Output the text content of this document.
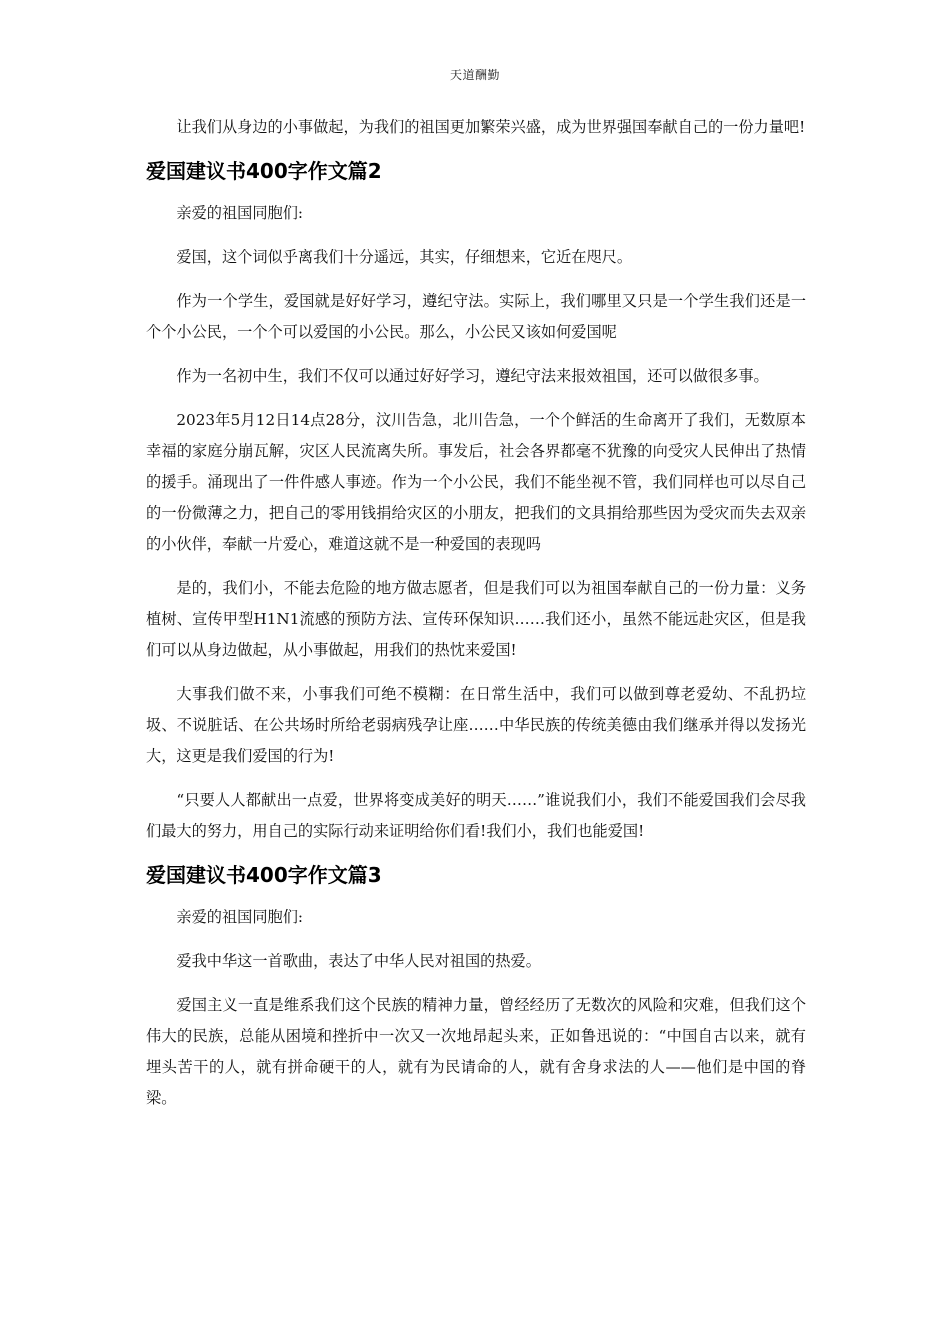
天道酬勤

让我们从身边的小事做起，为我们的祖国更加繁荣兴盛，成为世界强国奉献自己的一份力量吧!

爱国建议书400字作文篇2

亲爱的祖国同胞们:

爱国，这个词似乎离我们十分遥远，其实，仔细想来，它近在咫尺。

作为一个学生，爱国就是好好学习，遵纪守法。实际上，我们哪里又只是一个学生我们还是一个个小公民，一个个可以爱国的小公民。那么，小公民又该如何爱国呢

作为一名初中生，我们不仅可以通过好好学习，遵纪守法来报效祖国，还可以做很多事。

2023年5月12日14点28分，汶川告急，北川告急，一个个鲜活的生命离开了我们，无数原本幸福的家庭分崩瓦解，灾区人民流离失所。事发后，社会各界都毫不犹豫的向受灾人民伸出了热情的援手。涌现出了一件件感人事迹。作为一个小公民，我们不能坐视不管，我们同样也可以尽自己的一份微薄之力，把自己的零用钱捐给灾区的小朋友，把我们的文具捐给那些因为受灾而失去双亲的小伙伴，奉献一片爱心，难道这就不是一种爱国的表现吗

是的，我们小，不能去危险的地方做志愿者，但是我们可以为祖国奉献自己的一份力量：义务植树、宣传甲型H1N1流感的预防方法、宣传环保知识……我们还小，虽然不能远赴灾区，但是我们可以从身边做起，从小事做起，用我们的热忱来爱国!

大事我们做不来，小事我们可绝不模糊：在日常生活中，我们可以做到尊老爱幼、不乱扔垃圾、不说脏话、在公共场时所给老弱病残孕让座……中华民族的传统美德由我们继承并得以发扬光大，这更是我们爱国的行为!

“只要人人都献出一点爱，世界将变成美好的明天……”谁说我们小，我们不能爱国我们会尽我们最大的努力，用自己的实际行动来证明给你们看!我们小，我们也能爱国!

爱国建议书400字作文篇3

亲爱的祖国同胞们:

爱我中华这一首歌曲，表达了中华人民对祖国的热爱。

爱国主义一直是维系我们这个民族的精神力量，曾经经历了无数次的风险和灾难，但我们这个伟大的民族，总能从困境和挫折中一次又一次地昂起头来，正如鲁迅说的：“中国自古以来，就有埋头苦干的人，就有拼命硬干的人，就有为民请命的人，就有舍身求法的人——他们是中国的脊梁。
